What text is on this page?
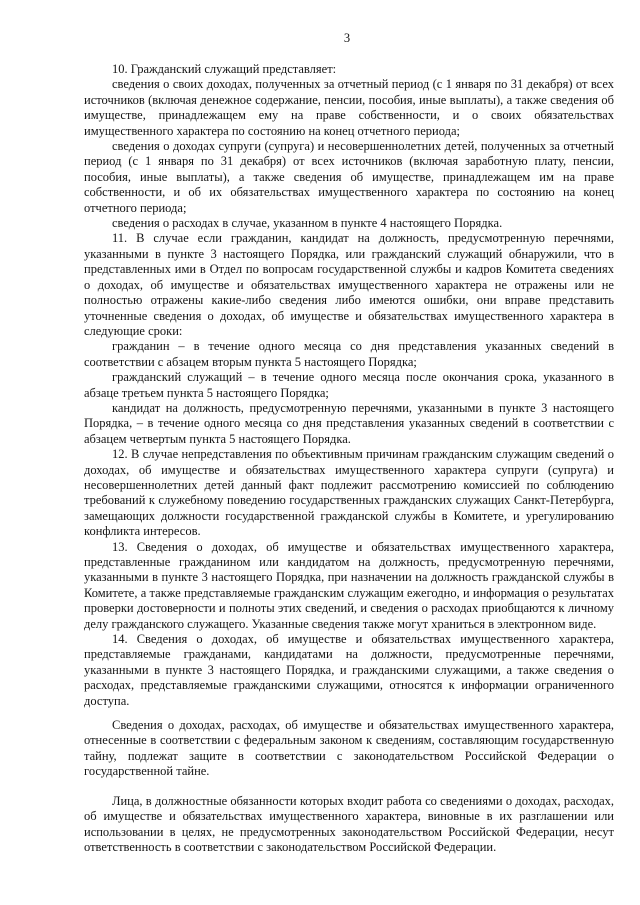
3

10. Гражданский служащий представляет:

сведения о своих доходах, полученных за отчетный период (с 1 января по 31 декабря) от всех источников (включая денежное содержание, пенсии, пособия, иные выплаты), а также сведения об имуществе, принадлежащем ему на праве собственности, и о своих обязательствах имущественного характера по состоянию на конец отчетного периода;

сведения о доходах супруги (супруга) и несовершеннолетних детей, полученных за отчетный период (с 1 января по 31 декабря) от всех источников (включая заработную плату, пенсии, пособия, иные выплаты), а также сведения об имуществе, принадлежащем им на праве собственности, и об их обязательствах имущественного характера по состоянию на конец отчетного периода;

сведения о расходах в случае, указанном в пункте 4 настоящего Порядка.

11. В случае если гражданин, кандидат на должность, предусмотренную перечнями, указанными в пункте 3 настоящего Порядка, или гражданский служащий обнаружили, что в представленных ими в Отдел по вопросам государственной службы и кадров Комитета сведениях о доходах, об имуществе и обязательствах имущественного характера не отражены или не полностью отражены какие-либо сведения либо имеются ошибки, они вправе представить уточненные сведения о доходах, об имуществе и обязательствах имущественного характера в следующие сроки:

гражданин – в течение одного месяца со дня представления указанных сведений в соответствии с абзацем вторым пункта 5 настоящего Порядка;

гражданский служащий – в течение одного месяца после окончания срока, указанного в абзаце третьем пункта 5 настоящего Порядка;

кандидат на должность, предусмотренную перечнями, указанными в пункте 3 настоящего Порядка, – в течение одного месяца со дня представления указанных сведений в соответствии с абзацем четвертым пункта 5 настоящего Порядка.

12. В случае непредставления по объективным причинам гражданским служащим сведений о доходах, об имуществе и обязательствах имущественного характера супруги (супруга) и несовершеннолетних детей данный факт подлежит рассмотрению комиссией по соблюдению требований к служебному поведению государственных гражданских служащих Санкт-Петербурга, замещающих должности государственной гражданской службы в Комитете, и урегулированию конфликта интересов.

13. Сведения о доходах, об имуществе и обязательствах имущественного характера, представленные гражданином или кандидатом на должность, предусмотренную перечнями, указанными в пункте 3 настоящего Порядка, при назначении на должность гражданской службы в Комитете, а также представляемые гражданским служащим ежегодно, и информация о результатах проверки достоверности и полноты этих сведений, и сведения о расходах приобщаются к личному делу гражданского служащего. Указанные сведения также могут храниться в электронном виде.

14. Сведения о доходах, об имуществе и обязательствах имущественного характера, представляемые гражданами, кандидатами на должности, предусмотренные перечнями, указанными в пункте 3 настоящего Порядка, и гражданскими служащими, а также сведения о расходах, представляемые гражданскими служащими, относятся к информации ограниченного доступа.

Сведения о доходах, расходах, об имуществе и обязательствах имущественного характера, отнесенные в соответствии с федеральным законом к сведениям, составляющим государственную тайну, подлежат защите в соответствии с законодательством Российской Федерации о государственной тайне.

Лица, в должностные обязанности которых входит работа со сведениями о доходах, расходах, об имуществе и обязательствах имущественного характера, виновные в их разглашении или использовании в целях, не предусмотренных законодательством Российской Федерации, несут ответственность в соответствии с законодательством Российской Федерации.
